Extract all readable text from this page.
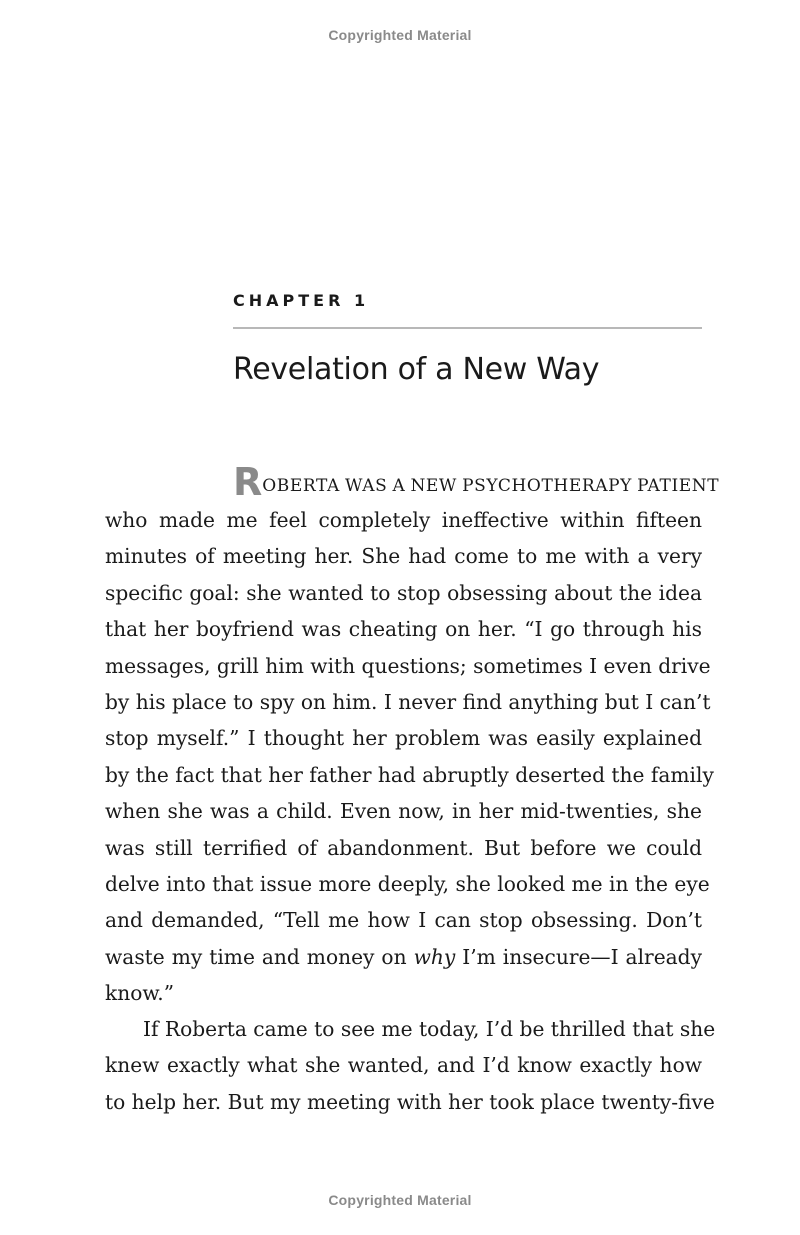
Copyrighted Material
CHAPTER 1
Revelation of a New Way
ROBERTA WAS A NEW PSYCHOTHERAPY PATIENT
who made me feel completely ineffective within fifteen
minutes of meeting her. She had come to me with a very
specific goal: she wanted to stop obsessing about the idea
that her boyfriend was cheating on her. “I go through his
messages, grill him with questions; sometimes I even drive
by his place to spy on him. I never find anything but I can’t
stop myself.” I thought her problem was easily explained
by the fact that her father had abruptly deserted the family
when she was a child. Even now, in her mid-twenties, she
was still terrified of abandonment. But before we could
delve into that issue more deeply, she looked me in the eye
and demanded, “Tell me how I can stop obsessing. Don’t
waste my time and money on why I’m insecure—I already
know.”
If Roberta came to see me today, I’d be thrilled that she
knew exactly what she wanted, and I’d know exactly how
to help her. But my meeting with her took place twenty-five
Copyrighted Material
